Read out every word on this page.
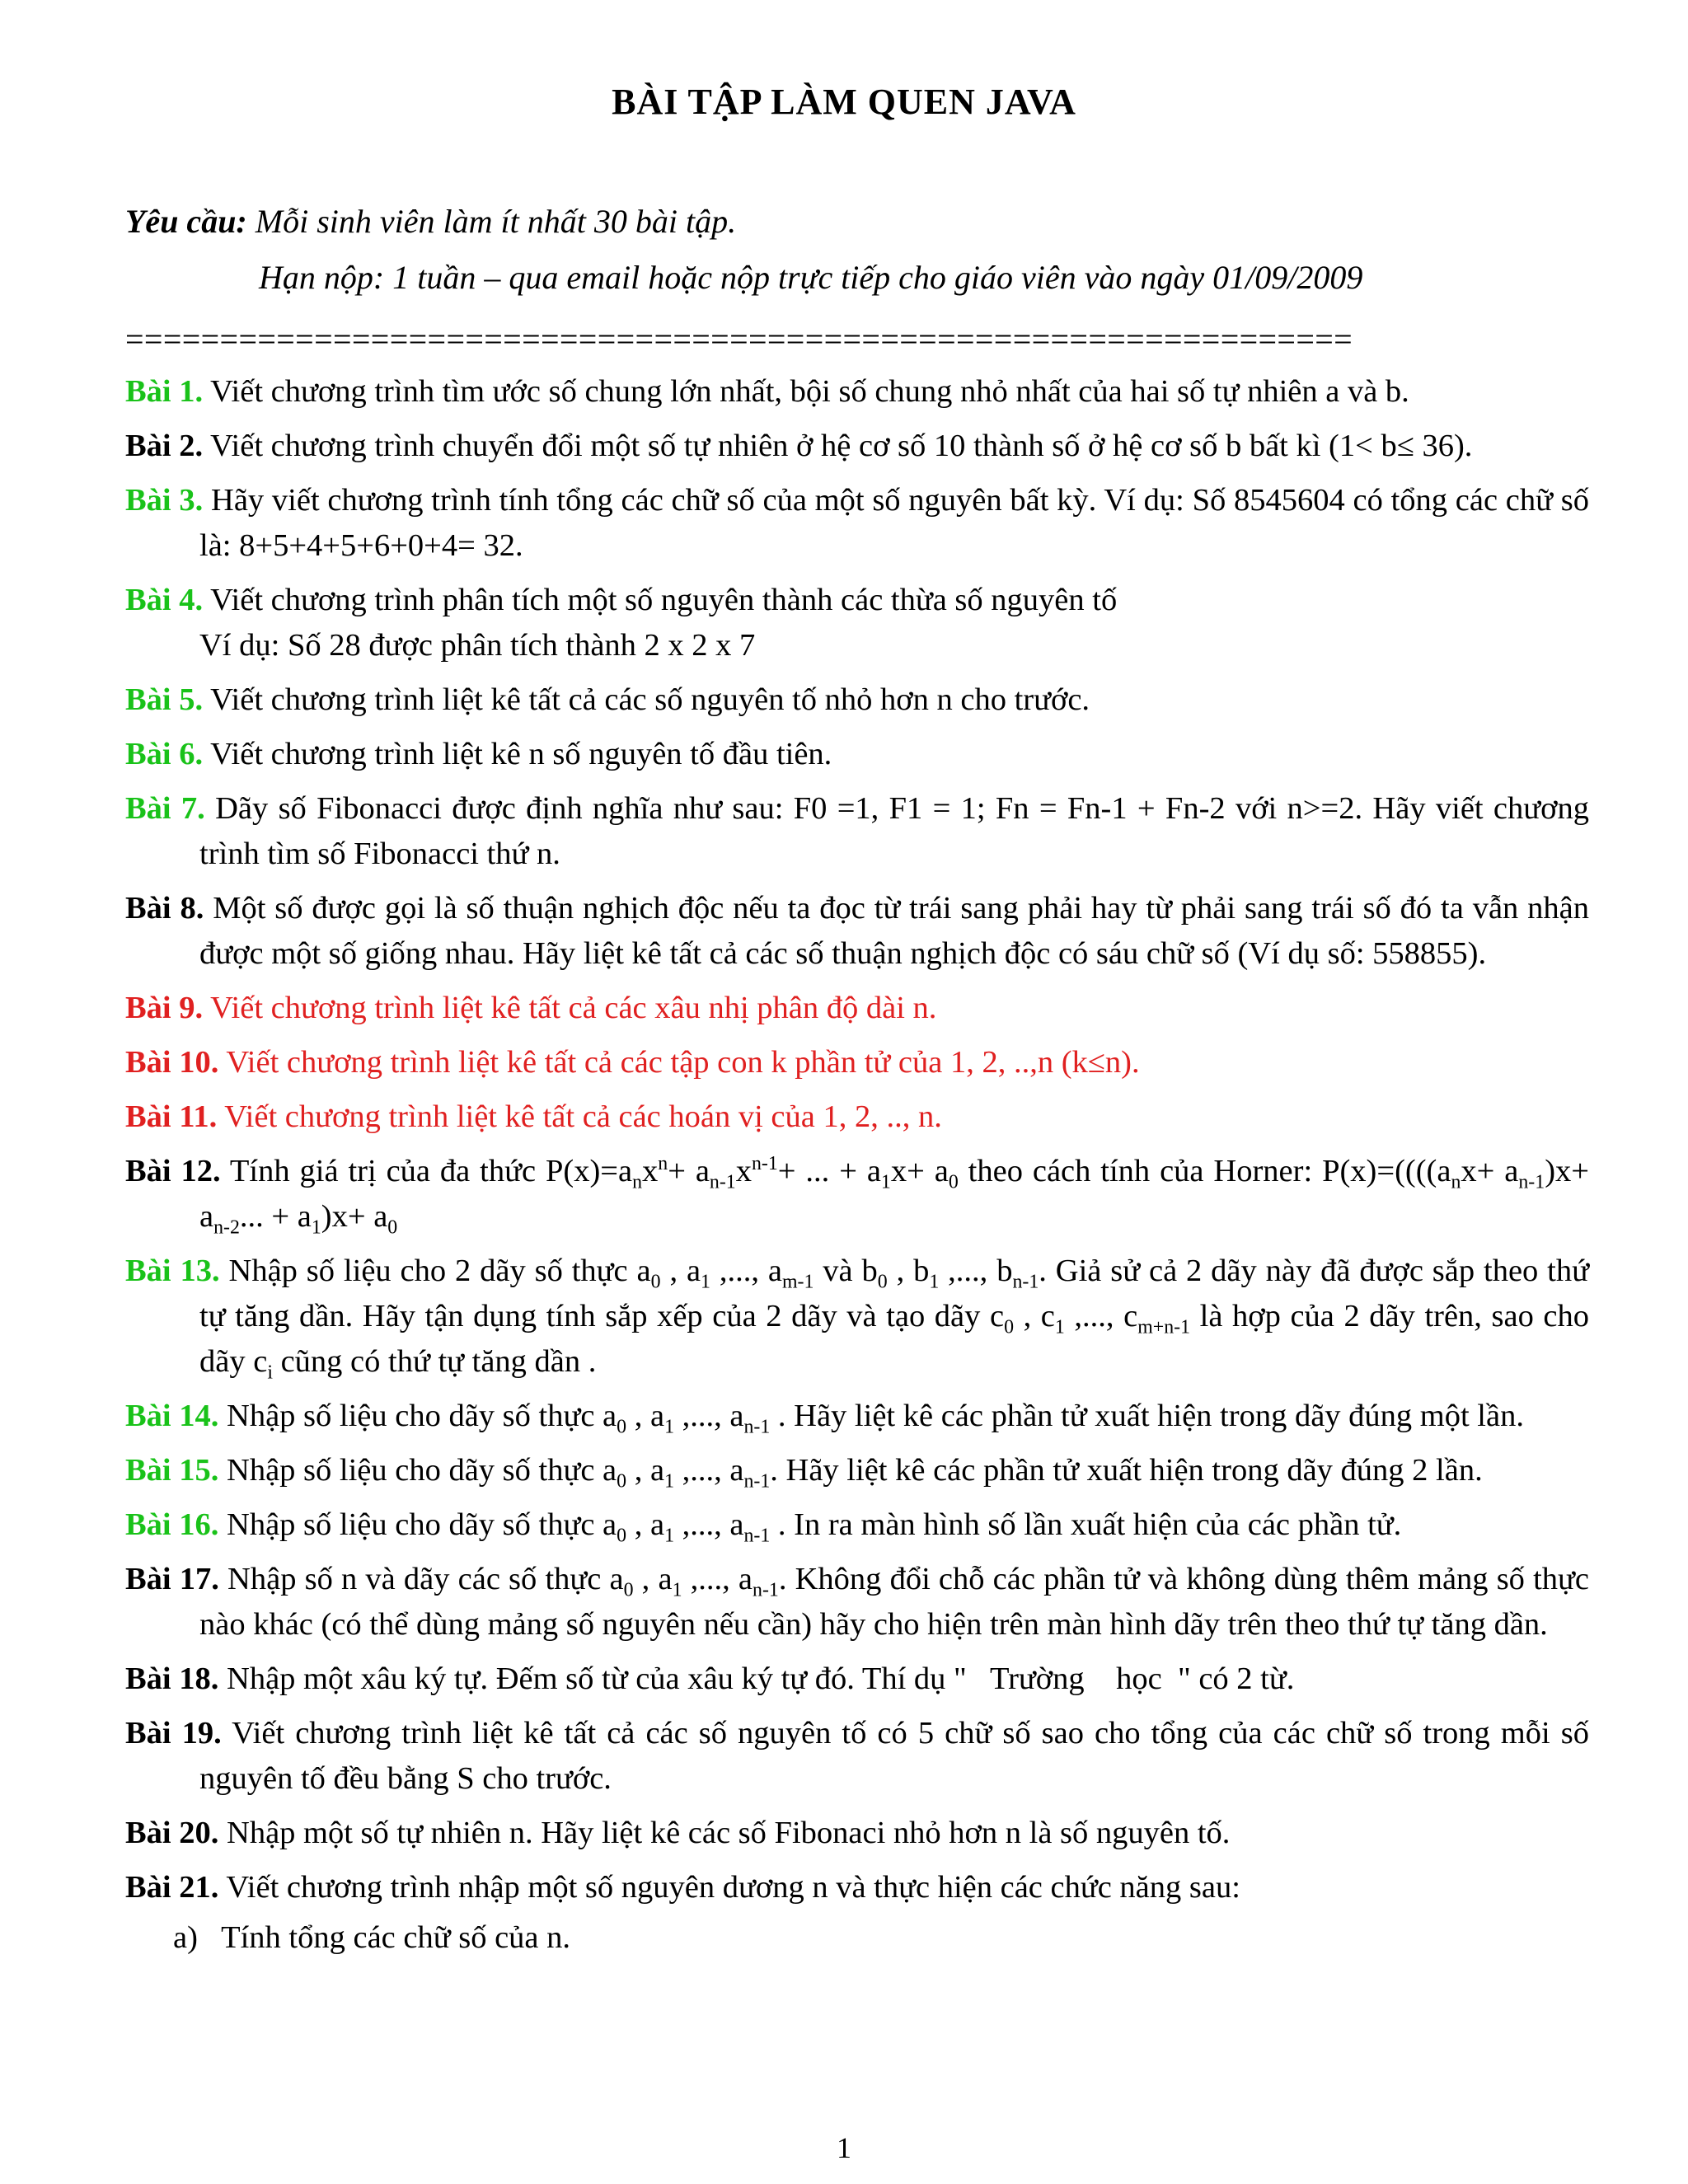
BÀI TẬP LÀM QUEN JAVA
Yêu cầu: Mỗi sinh viên làm ít nhất 30 bài tập.
Hạn nộp: 1 tuần – qua email hoặc nộp trực tiếp cho giáo viên vào ngày 01/09/2009
=================================================================
Bài 1. Viết chương trình tìm ước số chung lớn nhất, bội số chung nhỏ nhất của hai số tự nhiên a và b.
Bài 2. Viết chương trình chuyển đổi một số tự nhiên ở hệ cơ số 10 thành số ở hệ cơ số b bất kì (1< b≤ 36).
Bài 3. Hãy viết chương trình tính tổng các chữ số của một số nguyên bất kỳ. Ví dụ: Số 8545604 có tổng các chữ số là: 8+5+4+5+6+0+4= 32.
Bài 4. Viết chương trình phân tích một số nguyên thành các thừa số nguyên tố
Ví dụ: Số 28 được phân tích thành 2 x 2 x 7
Bài 5. Viết chương trình liệt kê tất cả các số nguyên tố nhỏ hơn n cho trước.
Bài 6. Viết chương trình liệt kê n số nguyên tố đầu tiên.
Bài 7. Dãy số Fibonacci được định nghĩa như sau: F0 =1, F1 = 1; Fn = Fn-1 + Fn-2 với n>=2. Hãy viết chương trình tìm số Fibonacci thứ n.
Bài 8. Một số được gọi là số thuận nghịch độc nếu ta đọc từ trái sang phải hay từ phải sang trái số đó ta vẫn nhận được một số giống nhau. Hãy liệt kê tất cả các số thuận nghịch độc có sáu chữ số (Ví dụ số: 558855).
Bài 9. Viết chương trình liệt kê tất cả các xâu nhị phân độ dài n.
Bài 10. Viết chương trình liệt kê tất cả các tập con k phần tử của 1, 2, ..,n (k≤n).
Bài 11. Viết chương trình liệt kê tất cả các hoán vị của 1, 2, .., n.
Bài 12. Tính giá trị của đa thức $P(x)=a_nx^n+ a_{n-1}x^{n-1}+$ ... + $a_1x+ a_0$ theo cách tính của Horner: $P(x)=((((a_nx+ a_{n-1})x+ a_{n-2}$... + $a_1)x+ a_0$
Bài 13. Nhập số liệu cho 2 dãy số thực $a_0$ , $a_1$ ,..., $a_{m-1}$ và $b_0$ , $b_1$ ,..., $b_{n-1}$. Giả sử cả 2 dãy này đã được sắp theo thứ tự tăng dần. Hãy tận dụng tính sắp xếp của 2 dãy và tạo dãy $c_0$ , $c_1$ ,..., $c_{m+n-1}$ là hợp của 2 dãy trên, sao cho dãy $c_i$ cũng có thứ tự tăng dần .
Bài 14. Nhập số liệu cho dãy số thực $a_0$ , $a_1$ ,..., $a_{n-1}$ . Hãy liệt kê các phần tử xuất hiện trong dãy đúng một lần.
Bài 15. Nhập số liệu cho dãy số thực $a_0$ , $a_1$ ,..., $a_{n-1}$. Hãy liệt kê các phần tử xuất hiện trong dãy đúng 2 lần.
Bài 16. Nhập số liệu cho dãy số thực $a_0$ , $a_1$ ,..., $a_{n-1}$ . In ra màn hình số lần xuất hiện của các phần tử.
Bài 17. Nhập số n và dãy các số thực $a_0$ , $a_1$ ,..., $a_{n-1}$. Không đổi chỗ các phần tử và không dùng thêm mảng số thực nào khác (có thể dùng mảng số nguyên nếu cần) hãy cho hiện trên màn hình dãy trên theo thứ tự tăng dần.
Bài 18. Nhập một xâu ký tự. Đếm số từ của xâu ký tự đó. Thí dụ "   Trường    học  " có 2 từ.
Bài 19. Viết chương trình liệt kê tất cả các số nguyên tố có 5 chữ số sao cho tổng của các chữ số trong mỗi số nguyên tố đều bằng S cho trước.
Bài 20. Nhập một số tự nhiên n. Hãy liệt kê các số Fibonaci nhỏ hơn n là số nguyên tố.
Bài 21. Viết chương trình nhập một số nguyên dương n và thực hiện các chức năng sau:
a)   Tính tổng các chữ số của n.
1
